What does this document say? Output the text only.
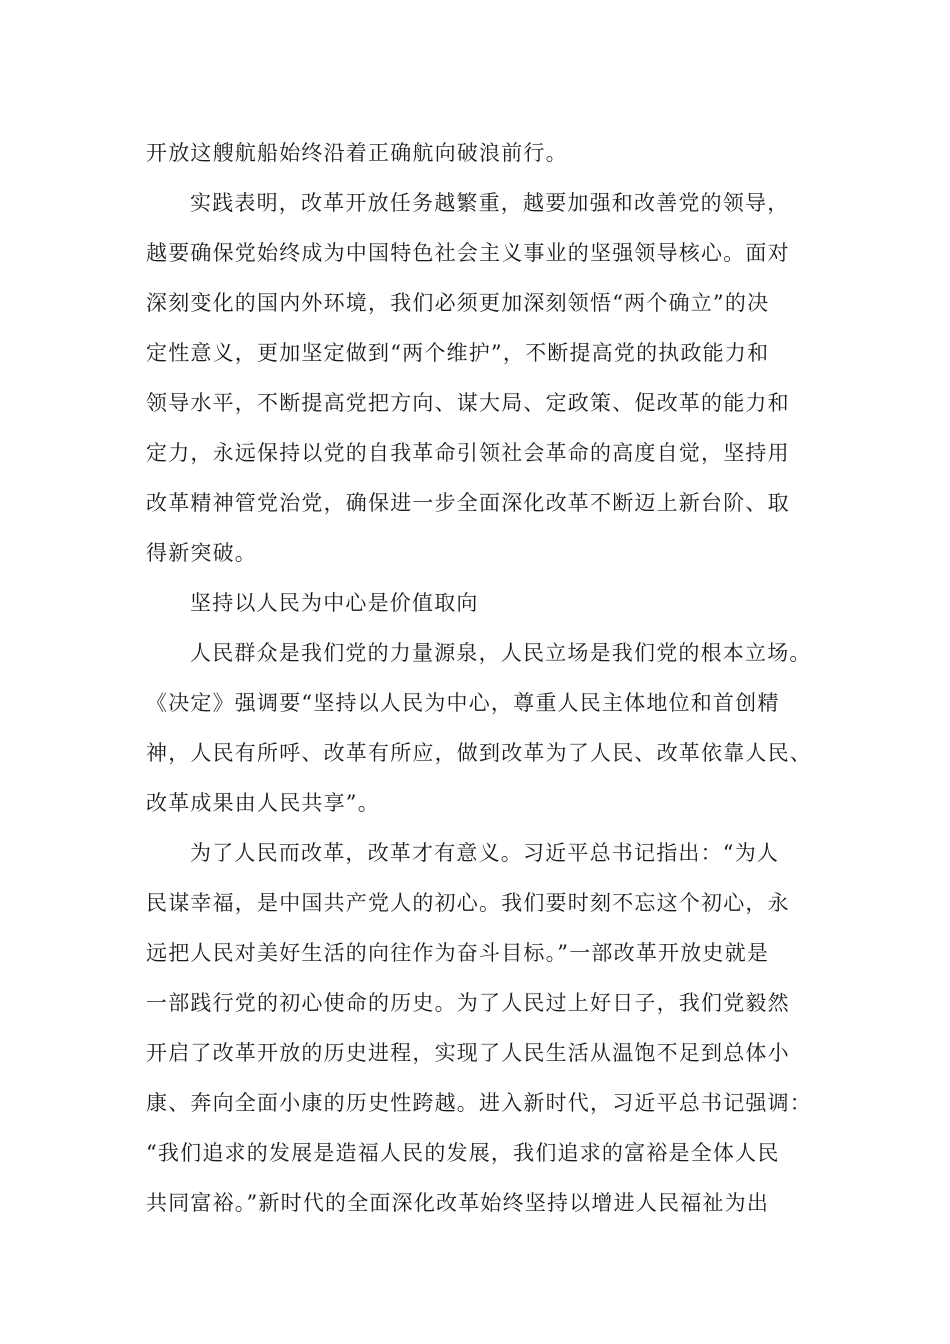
开放这艘航船始终沿着正确航向破浪前行。
实践表明，改革开放任务越繁重，越要加强和改善党的领导，
越要确保党始终成为中国特色社会主义事业的坚强领导核心。面对
深刻变化的国内外环境，我们必须更加深刻领悟“两个确立”的决
定性意义，更加坚定做到“两个维护”，不断提高党的执政能力和
领导水平，不断提高党把方向、谋大局、定政策、促改革的能力和
定力，永远保持以党的自我革命引领社会革命的高度自觉，坚持用
改革精神管党治党，确保进一步全面深化改革不断迈上新台阶、取
得新突破。
坚持以人民为中心是价值取向
人民群众是我们党的力量源泉，人民立场是我们党的根本立场。
《决定》强调要“坚持以人民为中心，尊重人民主体地位和首创精
神，人民有所呼、改革有所应，做到改革为了人民、改革依靠人民、
改革成果由人民共享”。
为了人民而改革，改革才有意义。习近平总书记指出：“为人
民谋幸福，是中国共产党人的初心。我们要时刻不忘这个初心，永
远把人民对美好生活的向往作为奋斗目标。”一部改革开放史就是
一部践行党的初心使命的历史。为了人民过上好日子，我们党毅然
开启了改革开放的历史进程，实现了人民生活从温饱不足到总体小
康、奔向全面小康的历史性跨越。进入新时代，习近平总书记强调：
“我们追求的发展是造福人民的发展，我们追求的富裕是全体人民
共同富裕。”新时代的全面深化改革始终坚持以增进人民福祉为出
